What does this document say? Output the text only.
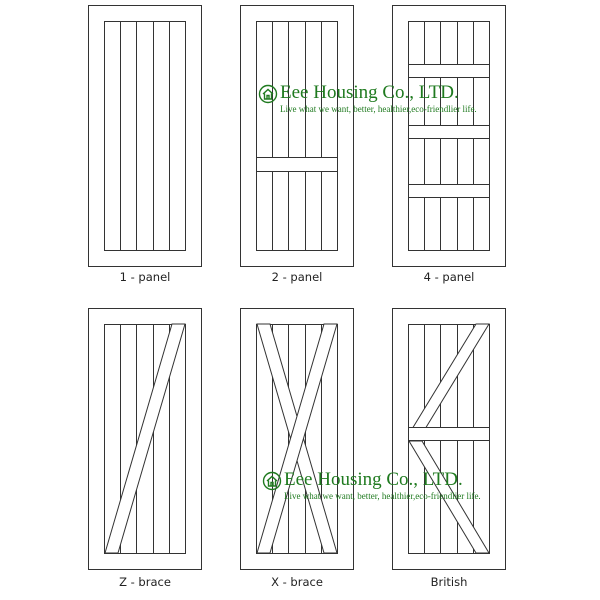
1 - panel	2 - panel	4 - panel
Z - brace	X - brace	British
Eee Housing Co., LTD.
Live what we want, better, healthier,eco-friendlier life.
Eee Housing Co., LTD.
Live what we want, better, healthier,eco-friendlier life.
